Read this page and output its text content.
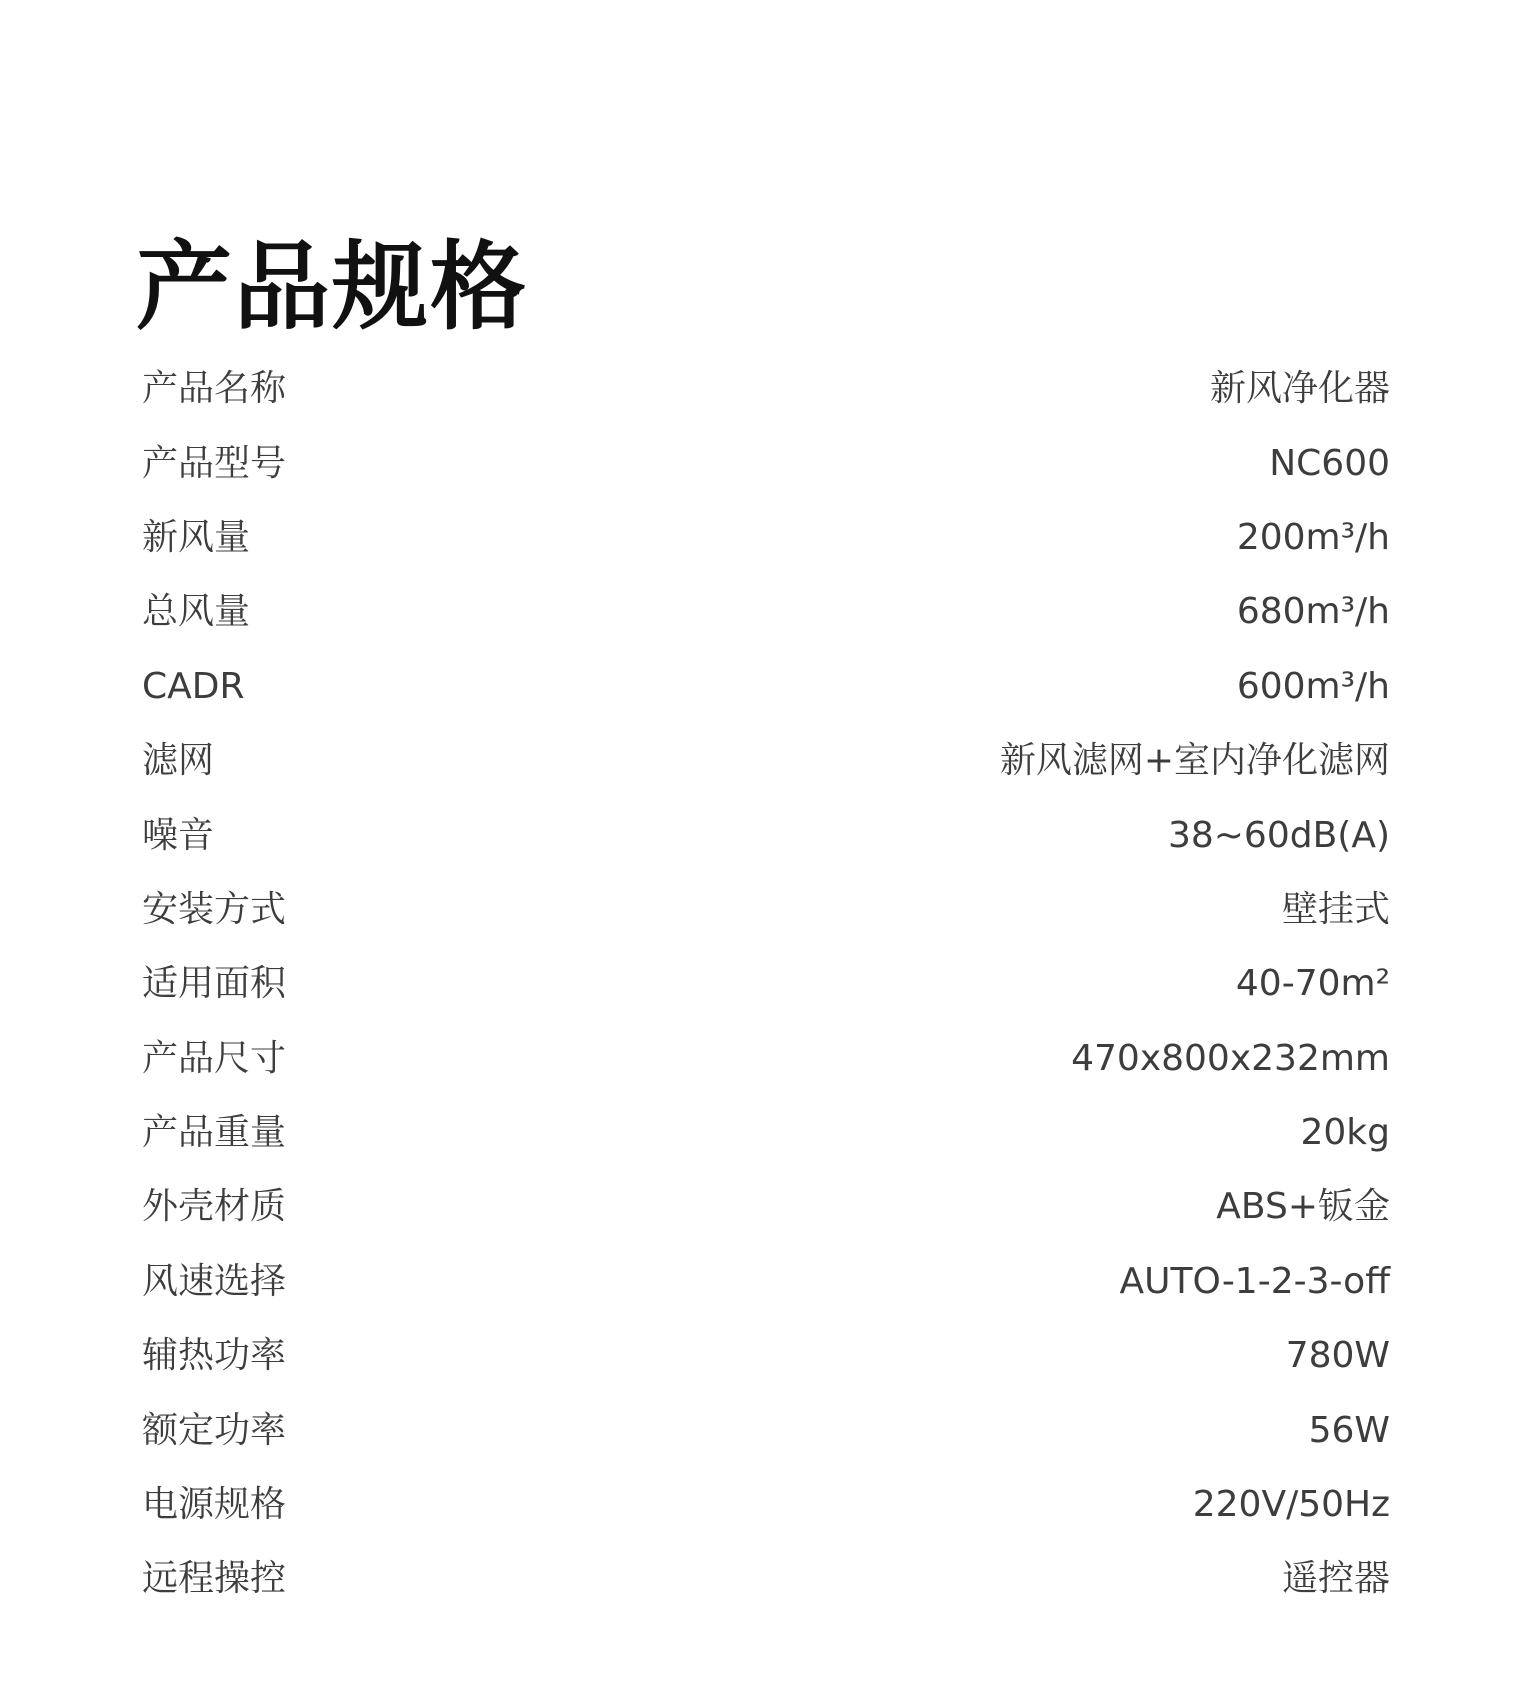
产品规格
产品名称	新风净化器
产品型号	NC600
新风量	200m³/h
总风量	680m³/h
CADR	600m³/h
滤网	新风滤网+室内净化滤网
噪音	38~60dB(A)
安装方式	壁挂式
适用面积	40-70m²
产品尺寸	470x800x232mm
产品重量	20kg
外壳材质	ABS+钣金
风速选择	AUTO-1-2-3-off
辅热功率	780W
额定功率	56W
电源规格	220V/50Hz
远程操控	遥控器
